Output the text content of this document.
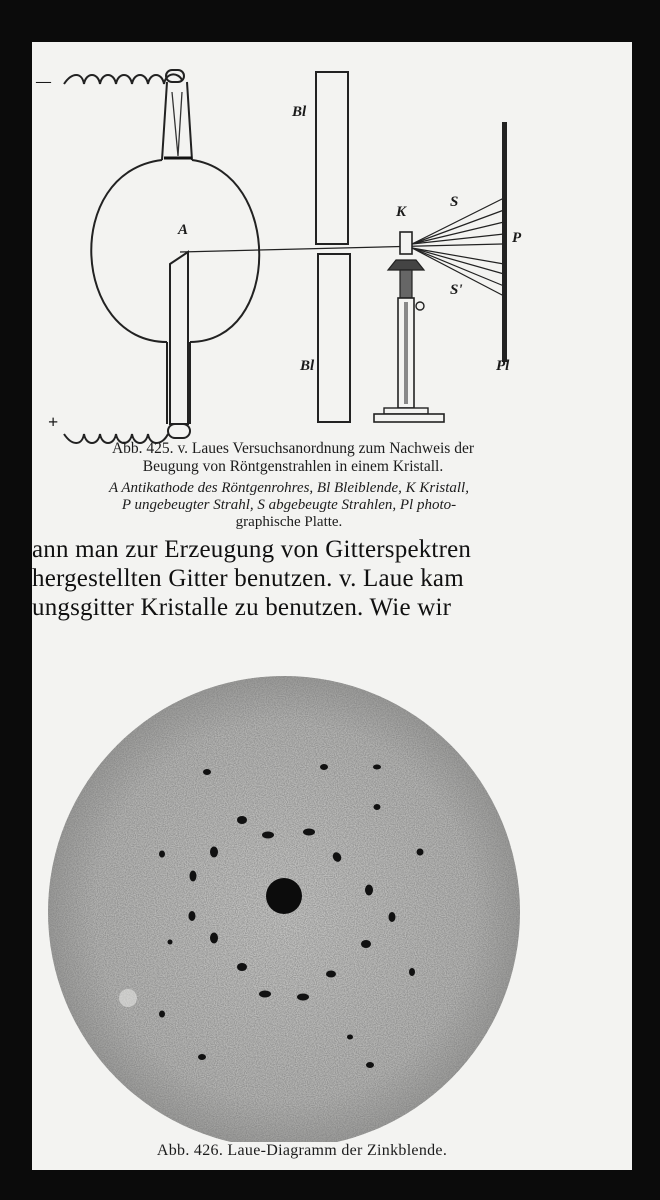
Bl
Bl
A
K
S
S'
P
Pl
—
+
Abb. 425. v. Laues Versuchsanordnung zum Nachweis der
Beugung von Röntgenstrahlen in einem Kristall.
A Antikathode des Röntgenrohres, Bl Bleiblende, K Kristall,
P ungebeugter Strahl, S abgebeugte Strahlen, Pl photo-
graphische Platte.
ann man zur Erzeugung von Gitterspektren
hergestellten Gitter benutzen. v. Laue kam
ungsgitter Kristalle zu benutzen. Wie wir
Abb. 426. Laue-Diagramm der Zinkblende.
